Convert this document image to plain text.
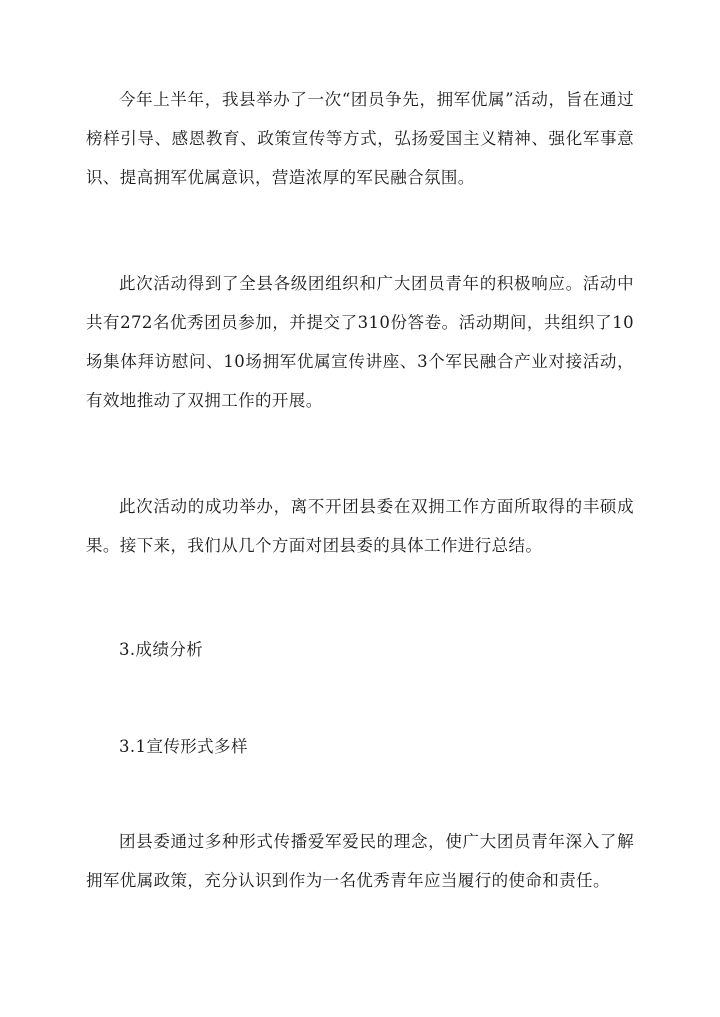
今年上半年，我县举办了一次“团员争先，拥军优属”活动，旨在通过榜样引导、感恩教育、政策宣传等方式，弘扬爱国主义精神、强化军事意识、提高拥军优属意识，营造浓厚的军民融合氛围。

此次活动得到了全县各级团组织和广大团员青年的积极响应。活动中共有272名优秀团员参加，并提交了310份答卷。活动期间，共组织了10场集体拜访慰问、10场拥军优属宣传讲座、3个军民融合产业对接活动，有效地推动了双拥工作的开展。

此次活动的成功举办，离不开团县委在双拥工作方面所取得的丰硕成果。接下来，我们从几个方面对团县委的具体工作进行总结。

3.成绩分析

3.1宣传形式多样

团县委通过多种形式传播爱军爱民的理念，使广大团员青年深入了解拥军优属政策，充分认识到作为一名优秀青年应当履行的使命和责任。
